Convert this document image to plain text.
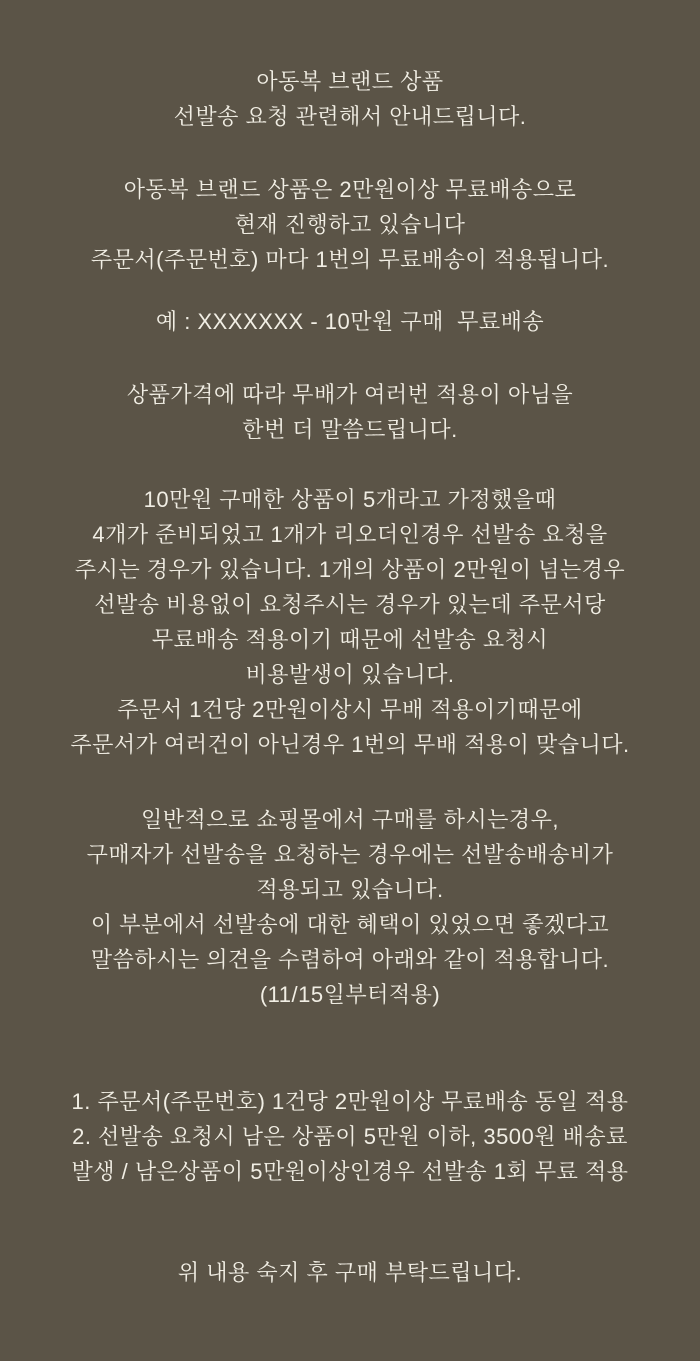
아동복 브랜드 상품
선발송 요청 관련해서 안내드립니다.

아동복 브랜드 상품은 2만원이상 무료배송으로
현재 진행하고 있습니다
주문서(주문번호) 마다 1번의 무료배송이 적용됩니다.

예 : XXXXXXX - 10만원 구매  무료배송

상품가격에 따라 무배가 여러번 적용이 아님을
한번 더 말씀드립니다.

10만원 구매한 상품이 5개라고 가정했을때
4개가 준비되었고 1개가 리오더인경우 선발송 요청을
주시는 경우가 있습니다. 1개의 상품이 2만원이 넘는경우
선발송 비용없이 요청주시는 경우가 있는데 주문서당
무료배송 적용이기 때문에 선발송 요청시
비용발생이 있습니다.
주문서 1건당 2만원이상시 무배 적용이기때문에
주문서가 여러건이 아닌경우 1번의 무배 적용이 맞습니다.

일반적으로 쇼핑몰에서 구매를 하시는경우,
구매자가 선발송을 요청하는 경우에는 선발송배송비가
적용되고 있습니다.
이 부분에서 선발송에 대한 혜택이 있었으면 좋겠다고
말씀하시는 의견을 수렴하여 아래와 같이 적용합니다.
(11/15일부터적용)

1. 주문서(주문번호) 1건당 2만원이상 무료배송 동일 적용
2. 선발송 요청시 남은 상품이 5만원 이하, 3500원 배송료
발생 / 남은상품이 5만원이상인경우 선발송 1회 무료 적용

위 내용 숙지 후 구매 부탁드립니다.
